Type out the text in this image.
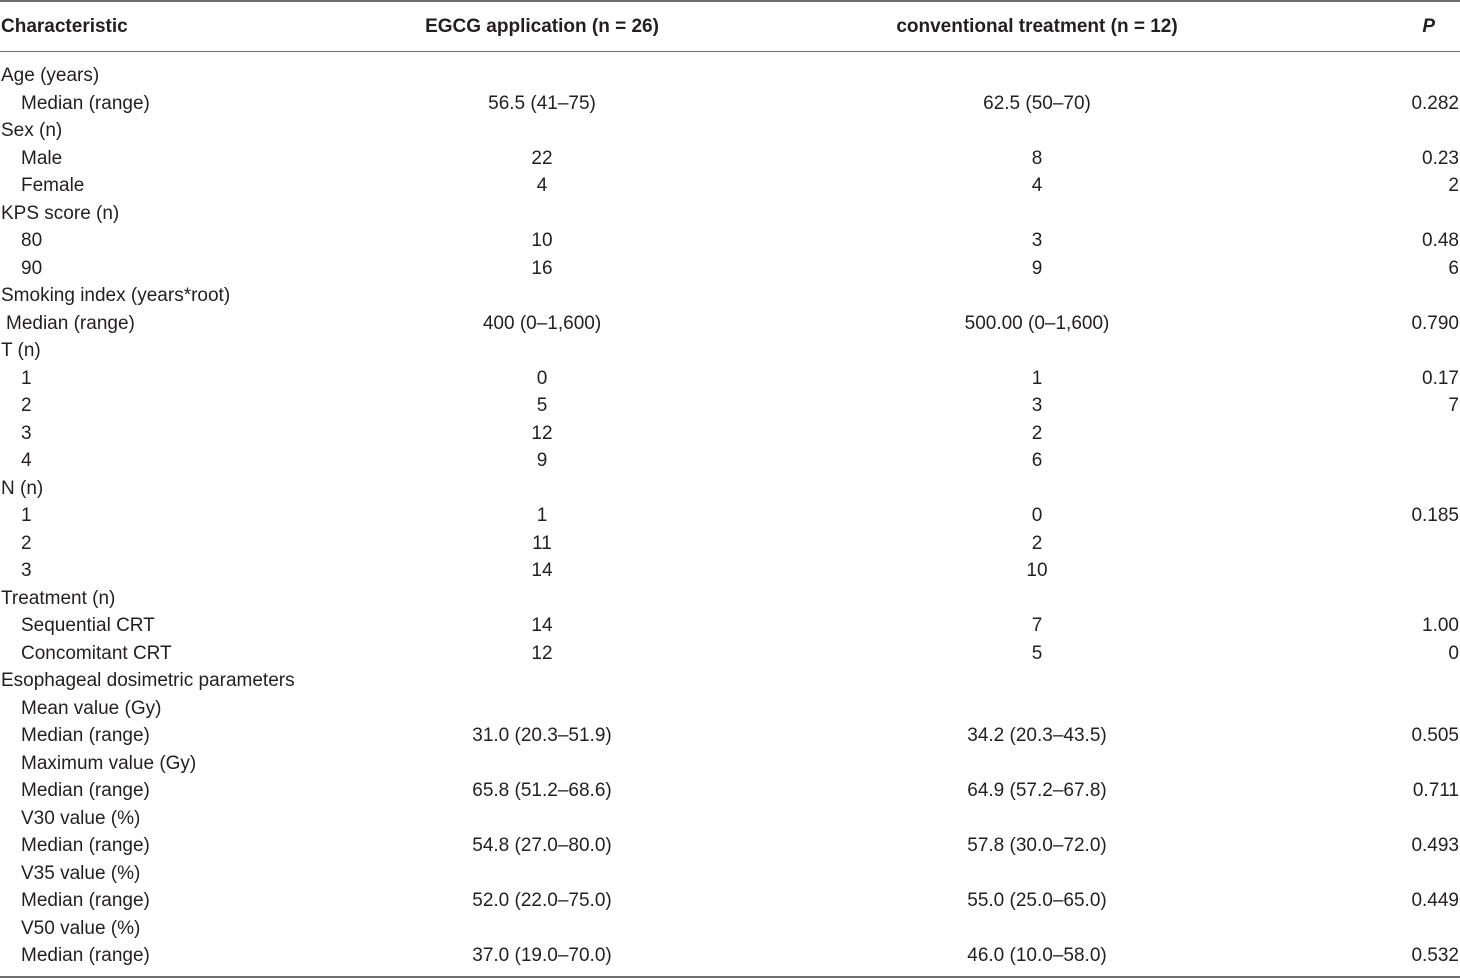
Characteristic	EGCG application (n = 26)	conventional treatment (n = 12)	P
Age (years)
Median (range)	56.5 (41–75)	62.5 (50–70)	0.282
Sex (n)
Male	22	8	0.23
Female	4	4	2
KPS score (n)
80	10	3	0.48
90	16	9	6
Smoking index (years*root)
Median (range)	400 (0–1,600)	500.00 (0–1,600)	0.790
T (n)
1	0	1	0.17
2	5	3	7
3	12	2
4	9	6
N (n)
1	1	0	0.185
2	11	2
3	14	10
Treatment (n)
Sequential CRT	14	7	1.00
Concomitant CRT	12	5	0
Esophageal dosimetric parameters
Mean value (Gy)
Median (range)	31.0 (20.3–51.9)	34.2 (20.3–43.5)	0.505
Maximum value (Gy)
Median (range)	65.8 (51.2–68.6)	64.9 (57.2–67.8)	0.711
V30 value (%)
Median (range)	54.8 (27.0–80.0)	57.8 (30.0–72.0)	0.493
V35 value (%)
Median (range)	52.0 (22.0–75.0)	55.0 (25.0–65.0)	0.449
V50 value (%)
Median (range)	37.0 (19.0–70.0)	46.0 (10.0–58.0)	0.532
